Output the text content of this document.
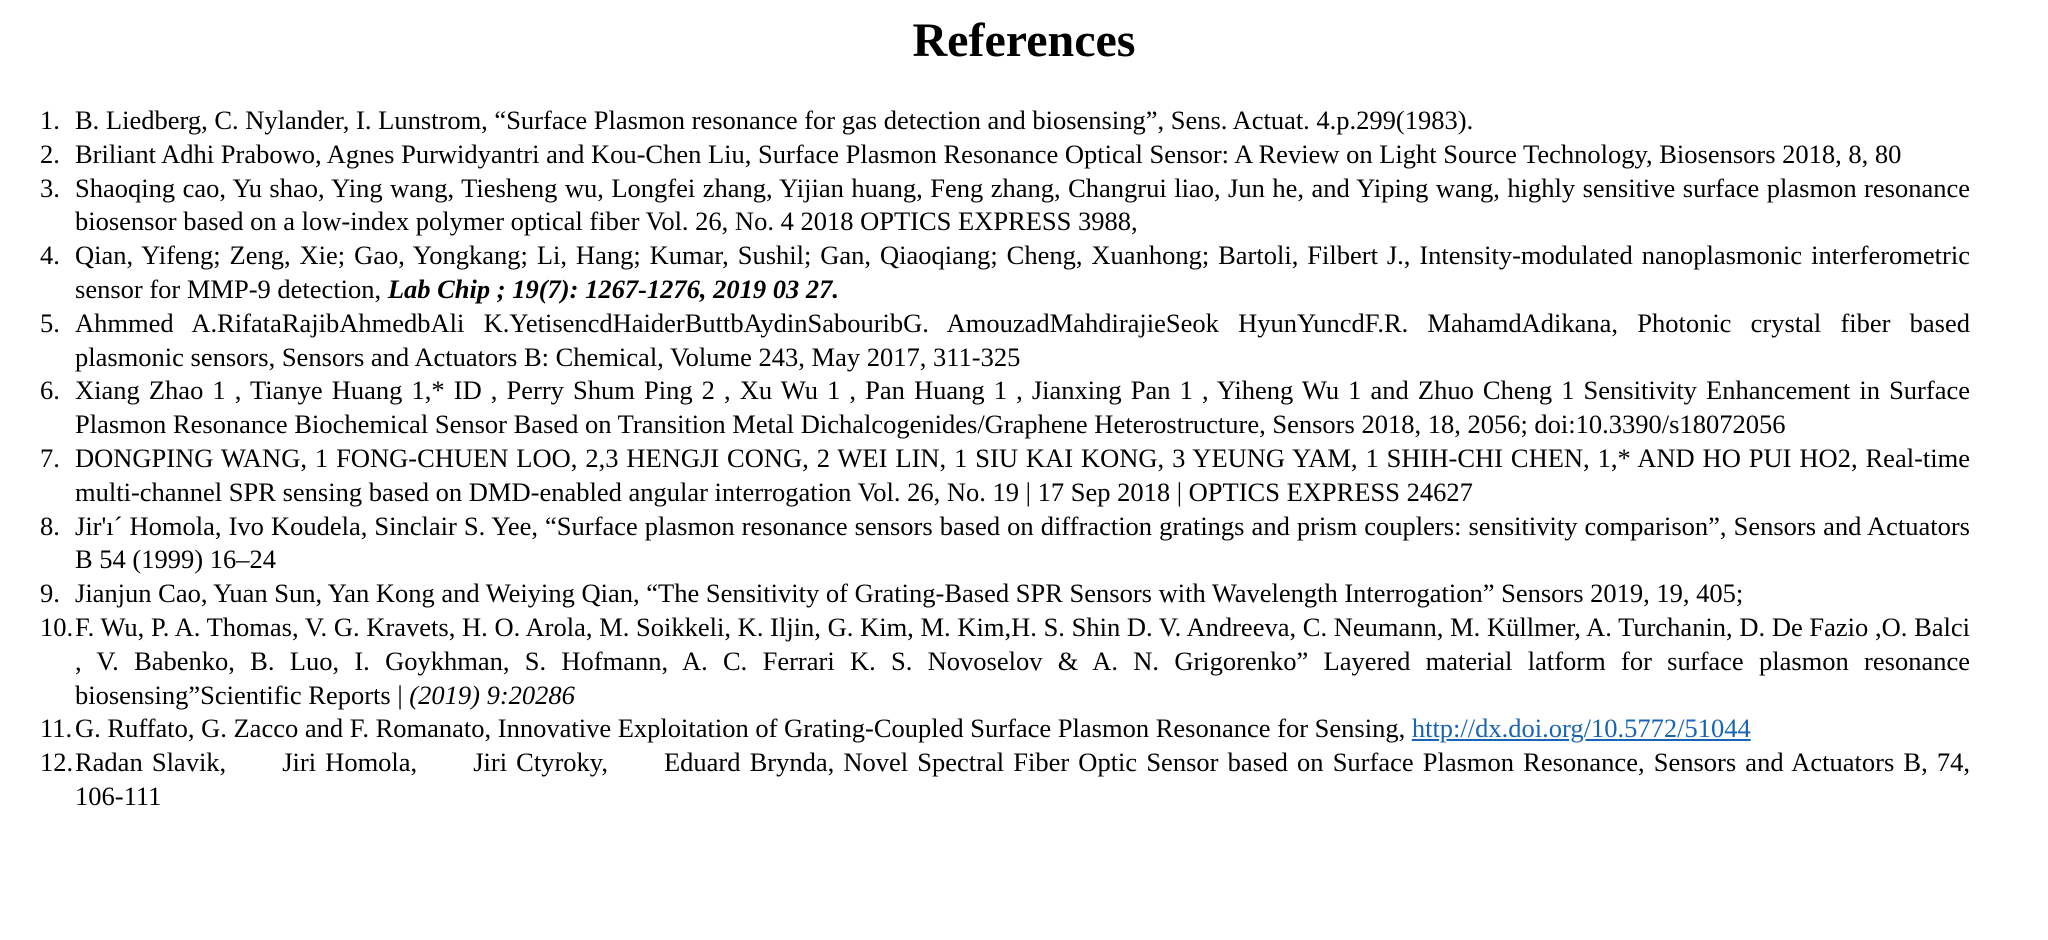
References
1. B. Liedberg, C. Nylander, I. Lunstrom, “Surface Plasmon resonance for gas detection and biosensing”, Sens. Actuat. 4.p.299(1983).
2. Briliant Adhi Prabowo, Agnes Purwidyantri and Kou-Chen Liu, Surface Plasmon Resonance Optical Sensor: A Review on Light Source Technology, Biosensors 2018, 8, 80
3. Shaoqing cao, Yu shao, Ying wang, Tiesheng wu, Longfei zhang, Yijian huang, Feng zhang, Changrui liao, Jun he, and Yiping wang, highly sensitive surface plasmon resonance biosensor based on a low-index polymer optical fiber Vol. 26, No. 4 2018 OPTICS EXPRESS 3988,
4. Qian, Yifeng; Zeng, Xie; Gao, Yongkang; Li, Hang; Kumar, Sushil; Gan, Qiaoqiang; Cheng, Xuanhong; Bartoli, Filbert J., Intensity-modulated nanoplasmonic interferometric sensor for MMP-9 detection, Lab Chip ; 19(7): 1267-1276, 2019 03 27.
5. Ahmmed A.RifataRajibAhmedbAli K.YetisencdHaiderButtbAydinSabouribG. AmouzadMahdirajieSeok HyunYuncdF.R. MahamdAdikana, Photonic crystal fiber based plasmonic sensors, Sensors and Actuators B: Chemical, Volume 243, May 2017, 311-325
6. Xiang Zhao 1 , Tianye Huang 1,* ID , Perry Shum Ping 2 , Xu Wu 1 , Pan Huang 1 , Jianxing Pan 1 , Yiheng Wu 1 and Zhuo Cheng 1 Sensitivity Enhancement in Surface Plasmon Resonance Biochemical Sensor Based on Transition Metal Dichalcogenides/Graphene Heterostructure, Sensors 2018, 18, 2056; doi:10.3390/s18072056
7. DONGPING WANG, 1 FONG-CHUEN LOO, 2,3 HENGJI CONG, 2 WEI LIN, 1 SIU KAI KONG, 3 YEUNG YAM, 1 SHIH-CHI CHEN, 1,* AND HO PUI HO2, Real-time multi-channel SPR sensing based on DMD-enabled angular interrogation Vol. 26, No. 19 | 17 Sep 2018 | OPTICS EXPRESS 24627
8. Jir'ı´ Homola, Ivo Koudela, Sinclair S. Yee, “Surface plasmon resonance sensors based on diffraction gratings and prism couplers: sensitivity comparison”, Sensors and Actuators B 54 (1999) 16–24
9. Jianjun Cao, Yuan Sun, Yan Kong and Weiying Qian, “The Sensitivity of Grating-Based SPR Sensors with Wavelength Interrogation” Sensors 2019, 19, 405;
10. F. Wu, P. A. Thomas, V. G. Kravets, H. O. Arola, M. Soikkeli, K. Iljin, G. Kim, M. Kim,H. S. Shin D. V. Andreeva, C. Neumann, M. Küllmer, A. Turchanin, D. De Fazio ,O. Balci , V. Babenko, B. Luo, I. Goykhman, S. Hofmann, A. C. Ferrari K. S. Novoselov & A. N. Grigorenko” Layered material latform for surface plasmon resonance biosensing”Scientific Reports | (2019) 9:20286
11. G. Ruffato, G. Zacco and F. Romanato, Innovative Exploitation of Grating-Coupled Surface Plasmon Resonance for Sensing, http://dx.doi.org/10.5772/51044
12. Radan Slavik, Jiri Homola, Jiri Ctyroky, Eduard Brynda, Novel Spectral Fiber Optic Sensor based on Surface Plasmon Resonance, Sensors and Actuators B, 74, 106-111
